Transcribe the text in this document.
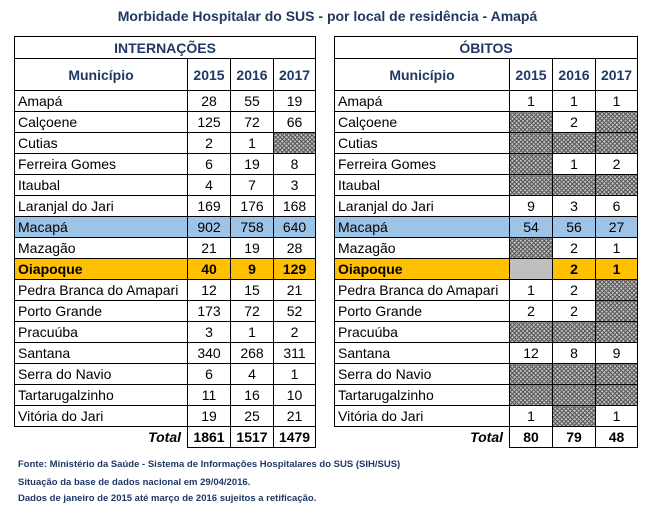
Morbidade Hospitalar do SUS - por local de residência - Amapá
INTERNAÇÕES			
Município	2015	2016	2017
Amapá	28	55	19
Calçoene	125	72	66
Cutias	2	1	
Ferreira Gomes	6	19	8
Itaubal	4	7	3
Laranjal do Jari	169	176	168
Macapá	902	758	640
Mazagão	21	19	28
Oiapoque	40	9	129
Pedra Branca do Amapari	12	15	21
Porto Grande	173	72	52
Pracuúba	3	1	2
Santana	340	268	311
Serra do Navio	6	4	1
Tartarugalzinho	11	16	10
Vitória do Jari	19	25	21
Total	1861	1517	1479
ÓBITOS			
Município	2015	2016	2017
Amapá	1	1	1
Calçoene		2	
Cutias			
Ferreira Gomes		1	2
Itaubal			
Laranjal do Jari	9	3	6
Macapá	54	56	27
Mazagão		2	1
Oiapoque		2	1
Pedra Branca do Amapari	1	2	
Porto Grande	2	2	
Pracuúba			
Santana	12	8	9
Serra do Navio			
Tartarugalzinho			
Vitória do Jari	1		1
Total	80	79	48
Fonte: Ministério da Saúde - Sistema de Informações Hospitalares do SUS (SIH/SUS)
Situação da base de dados nacional em 29/04/2016.
Dados de janeiro de 2015 até março de 2016 sujeitos a retificação.
